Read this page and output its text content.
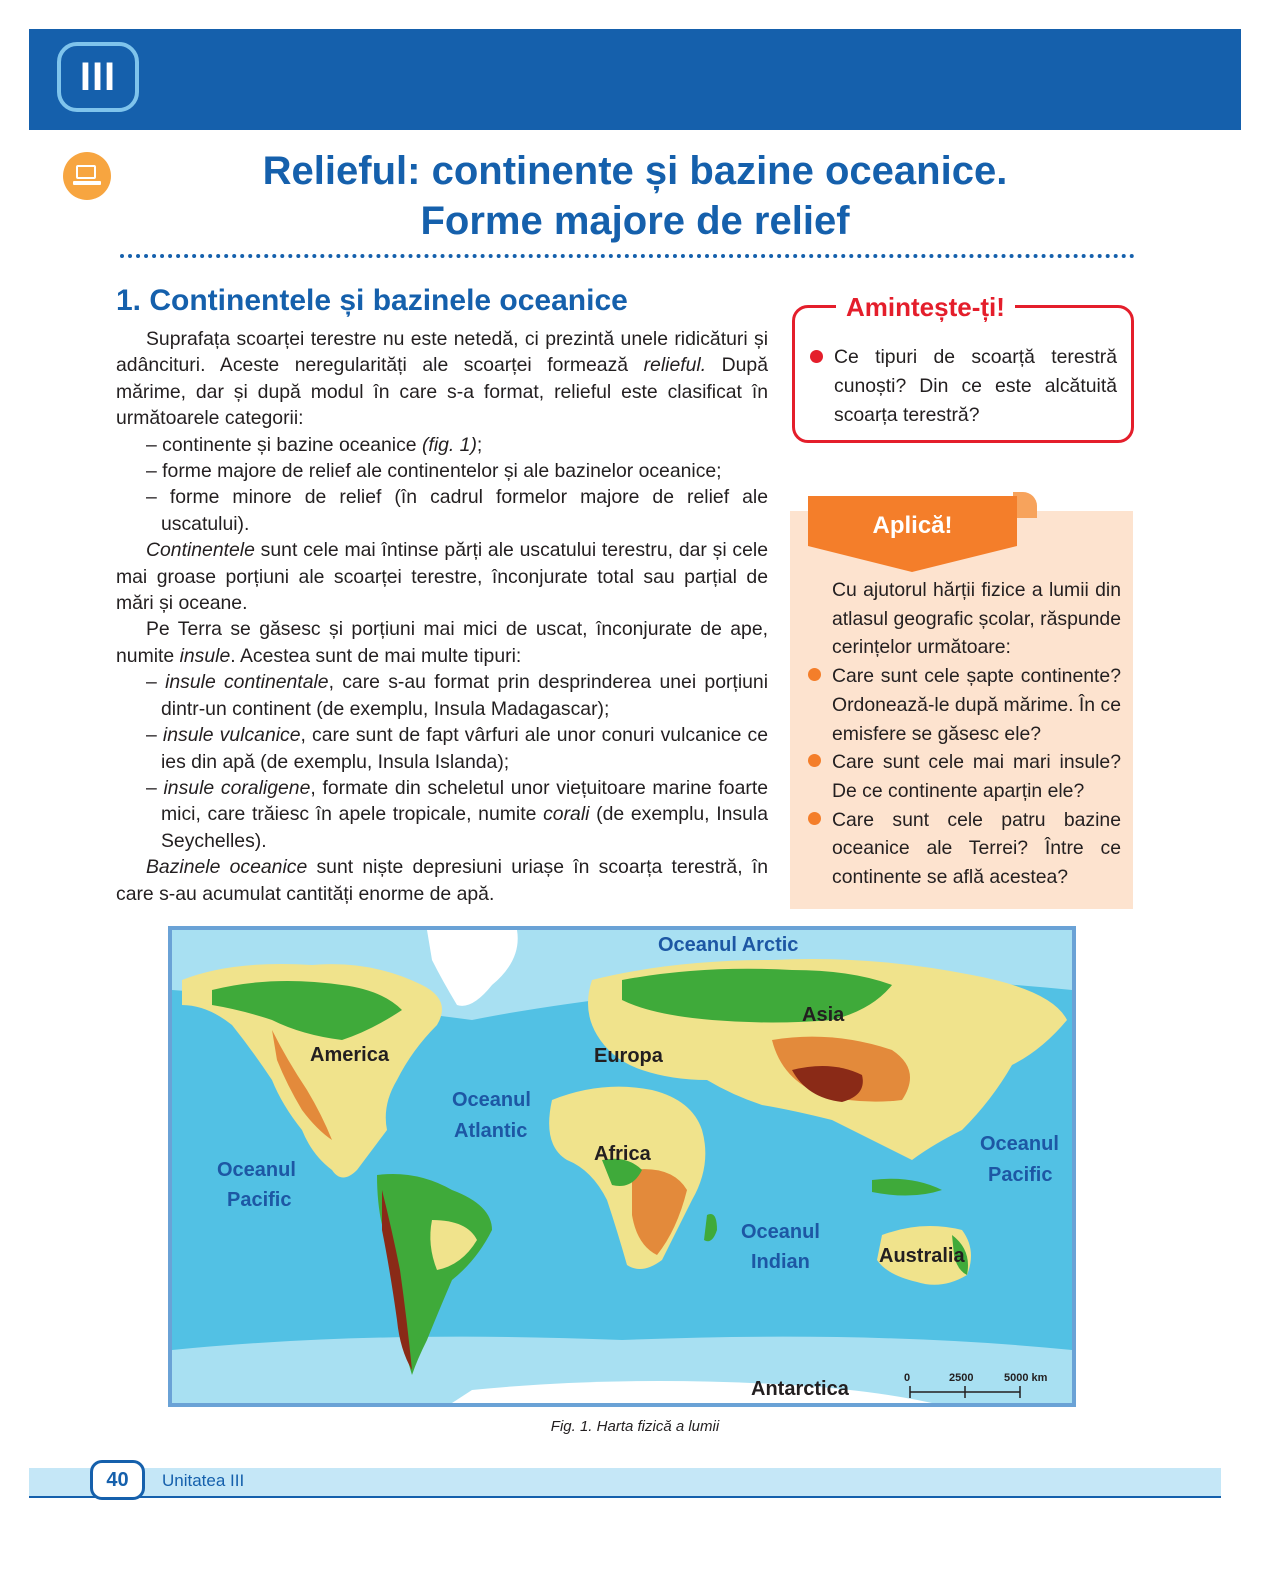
III
Relieful: continente și bazine oceanice.
Forme majore de relief
1. Continentele și bazinele oceanice

Suprafața scoarței terestre nu este netedă, ci prezintă unele ridicături și adâncituri. Aceste neregularități ale scoarței formează relieful. După mărime, dar și după modul în care s-a format, relieful este clasificat în următoarele categorii:

– continente și bazine oceanice (fig. 1);
– forme majore de relief ale continentelor și ale bazinelor oceanice;
– forme minore de relief (în cadrul formelor majore de relief ale uscatului).

Continentele sunt cele mai întinse părți ale uscatului terestru, dar și cele mai groase porțiuni ale scoarței terestre, înconjurate total sau parțial de mări și oceane.

Pe Terra se găsesc și porțiuni mai mici de uscat, înconjurate de ape, numite insule. Acestea sunt de mai multe tipuri:

– insule continentale, care s-au format prin desprinderea unei porțiuni dintr-un continent (de exemplu, Insula Madagascar);
– insule vulcanice, care sunt de fapt vârfuri ale unor conuri vulcanice ce ies din apă (de exemplu, Insula Islanda);
– insule coraligene, formate din scheletul unor viețuitoare marine foarte mici, care trăiesc în apele tropicale, numite corali (de exemplu, Insula Seychelles).

Bazinele oceanice sunt niște depresiuni uriașe în scoarța terestră, în care s-au acumulat cantități enorme de apă.

Amintește-ți!
Ce tipuri de scoarță terestră cunoști? Din ce este alcătuită scoarța terestră?
Aplică!

Cu ajutorul hărții fizice a lumii din atlasul geografic școlar, răspunde cerințelor următoare:

Care sunt cele șapte continente? Ordonează-le după mărime. În ce emisfere se găsesc ele?

Care sunt cele mai mari insule? De ce continente aparțin ele?

Care sunt cele patru bazine oceanice ale Terrei? Între ce continente se află acestea?

Oceanul Arctic
Asia
America	Europa
Oceanul
Atlantic
Africa
Oceanul
Pacific
Oceanul
Pacific
Oceanul
Indian	Australia
Antarctica	0	2500	5000 km
Fig. 1. Harta fizică a lumii
40	Unitatea III
